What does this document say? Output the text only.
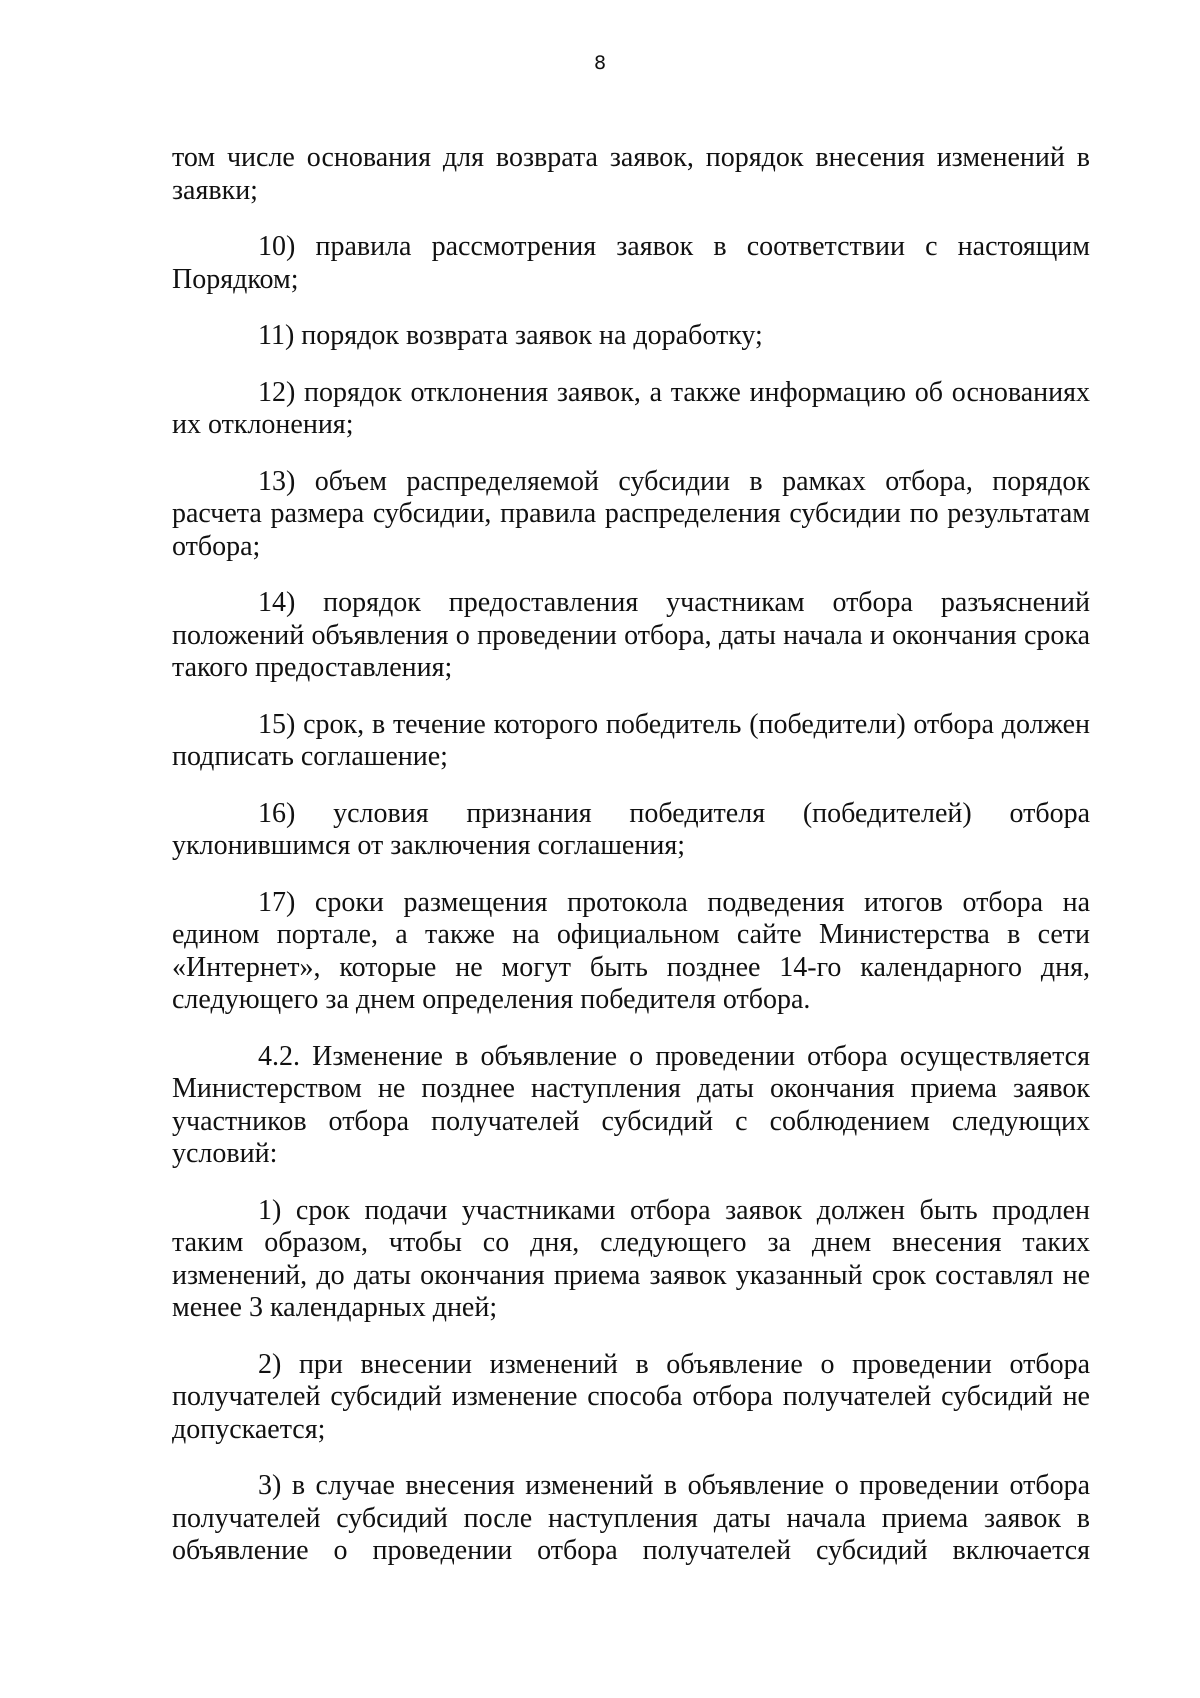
8

том числе основания для возврата заявок, порядок внесения изменений в заявки;

10) правила рассмотрения заявок в соответствии с настоящим Порядком;

11) порядок возврата заявок на доработку;

12) порядок отклонения заявок, а также информацию об основаниях их отклонения;

13) объем распределяемой субсидии в рамках отбора, порядок расчета размера субсидии, правила распределения субсидии по результатам отбора;

14) порядок предоставления участникам отбора разъяснений положений объявления о проведении отбора, даты начала и окончания срока такого предоставления;

15) срок, в течение которого победитель (победители) отбора должен подписать соглашение;

16) условия признания победителя (победителей) отбора уклонившимся от заключения соглашения;

17) сроки размещения протокола подведения итогов отбора на едином портале, а также на официальном сайте Министерства в сети «Интернет», которые не могут быть позднее 14-го календарного дня, следующего за днем определения победителя отбора.

4.2. Изменение в объявление о проведении отбора осуществляется Министерством не позднее наступления даты окончания приема заявок участников отбора получателей субсидий с соблюдением следующих условий:

1) срок подачи участниками отбора заявок должен быть продлен таким образом, чтобы со дня, следующего за днем внесения таких изменений, до даты окончания приема заявок указанный срок составлял не менее 3 календарных дней;

2) при внесении изменений в объявление о проведении отбора получателей субсидий изменение способа отбора получателей субсидий не допускается;

3) в случае внесения изменений в объявление о проведении отбора получателей субсидий после наступления даты начала приема заявок в объявление о проведении отбора получателей субсидий включается
